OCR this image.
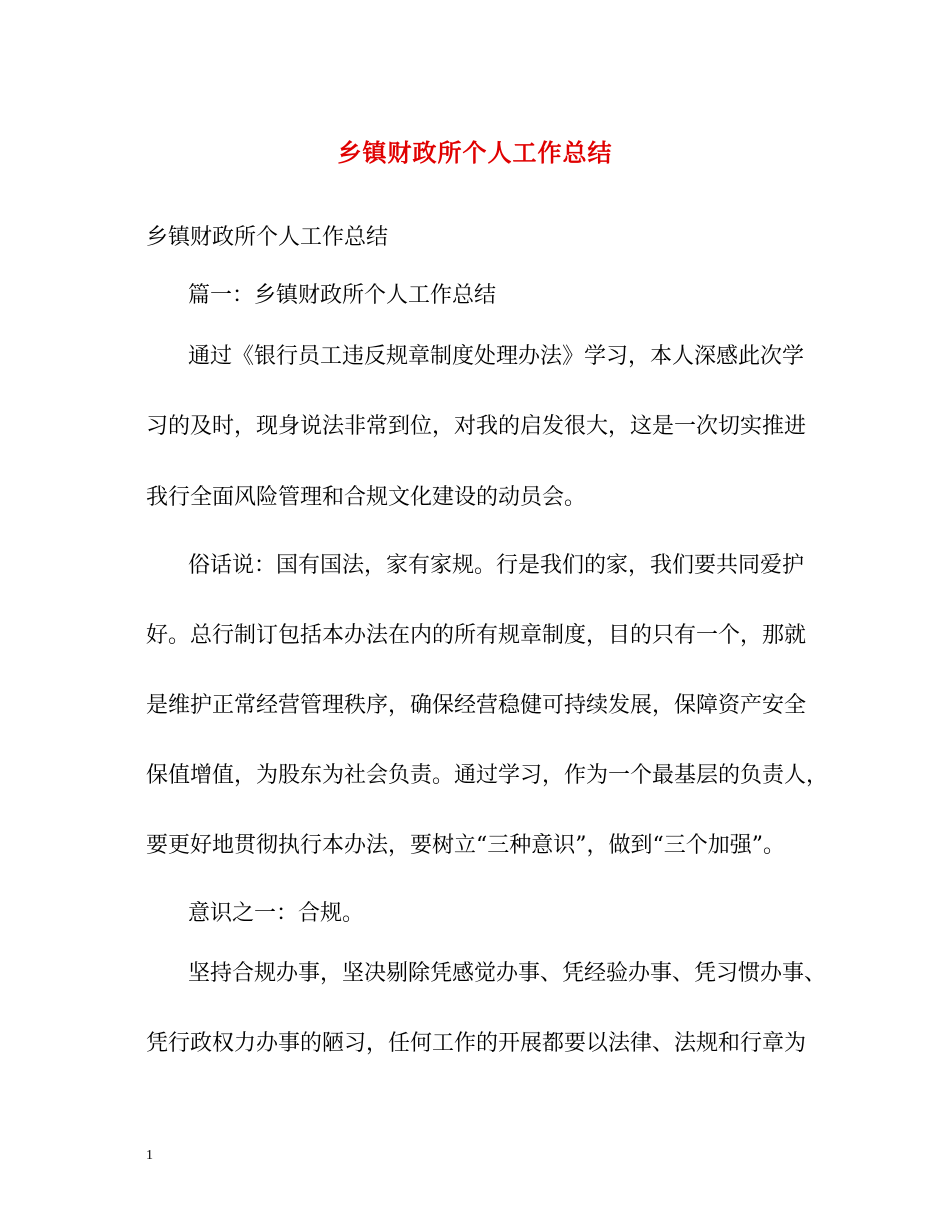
乡镇财政所个人工作总结
乡镇财政所个人工作总结
篇一：乡镇财政所个人工作总结
通过《银行员工违反规章制度处理办法》学习，本人深感此次学
习的及时，现身说法非常到位，对我的启发很大，这是一次切实推进
我行全面风险管理和合规文化建设的动员会。
俗话说：国有国法，家有家规。行是我们的家，我们要共同爱护
好。总行制订包括本办法在内的所有规章制度，目的只有一个，那就
是维护正常经营管理秩序，确保经营稳健可持续发展，保障资产安全
保值增值，为股东为社会负责。通过学习，作为一个最基层的负责人，
要更好地贯彻执行本办法，要树立“三种意识”，做到“三个加强”。
意识之一：合规。
坚持合规办事，坚决剔除凭感觉办事、凭经验办事、凭习惯办事、
凭行政权力办事的陋习，任何工作的开展都要以法律、法规和行章为
1
